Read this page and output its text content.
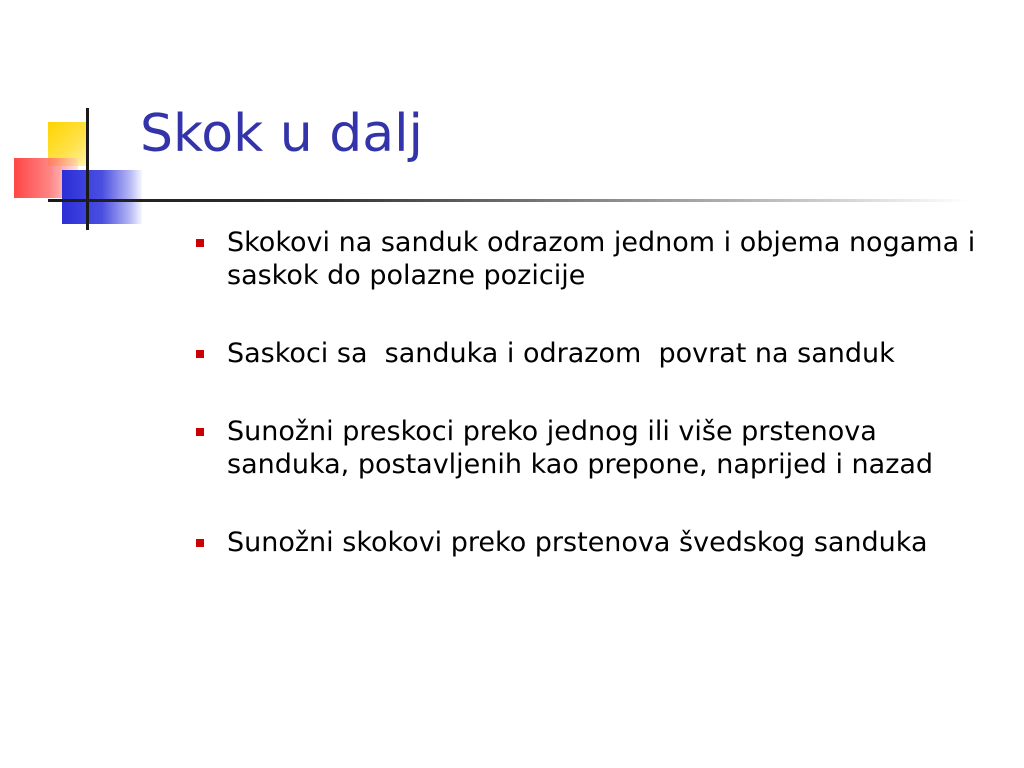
Skok u dalj
Skokovi na sanduk odrazom jednom i objema nogama i saskok do polazne pozicije
Saskoci sa  sanduka i odrazom  povrat na sanduk
Sunožni preskoci preko jednog ili više prstenova sanduka, postavljenih kao prepone, naprijed i nazad
Sunožni skokovi preko prstenova švedskog sanduka
